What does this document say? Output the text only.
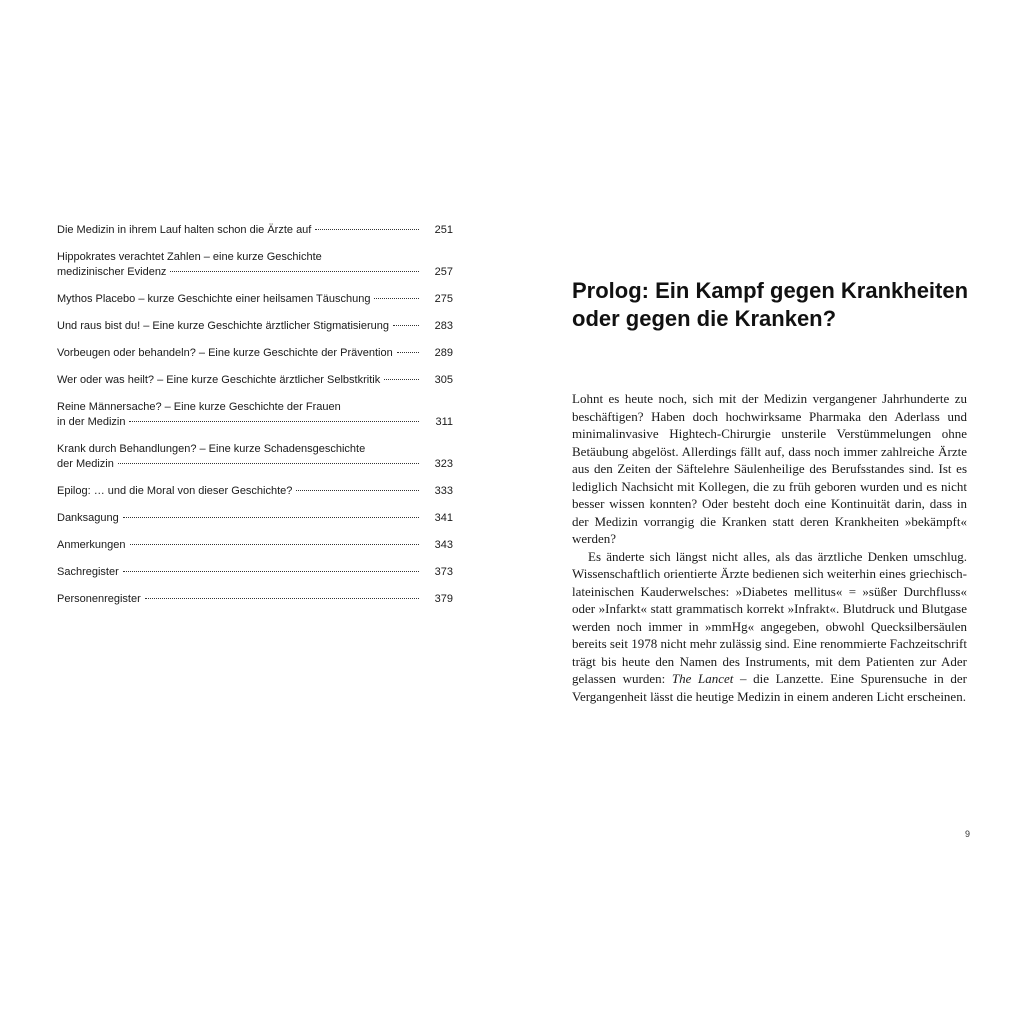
Die Medizin in ihrem Lauf halten schon die Ärzte auf	251
Hippokrates verachtet Zahlen – eine kurze Geschichte
medizinischer Evidenz	257
Mythos Placebo – kurze Geschichte einer heilsamen Täuschung	275
Und raus bist du! – Eine kurze Geschichte ärztlicher Stigmatisierung	283
Vorbeugen oder behandeln? – Eine kurze Geschichte der Prävention	289
Wer oder was heilt? – Eine kurze Geschichte ärztlicher Selbstkritik	305
Reine Männersache? – Eine kurze Geschichte der Frauen
in der Medizin	311
Krank durch Behandlungen? – Eine kurze Schadensgeschichte
der Medizin	323
Epilog: … und die Moral von dieser Geschichte?	333
Danksagung	341
Anmerkungen	343
Sachregister	373
Personenregister	379
Prolog: Ein Kampf gegen Krankheiten oder gegen die Kranken?

Lohnt es heute noch, sich mit der Medizin vergangener Jahrhunderte zu beschäftigen? Haben doch hochwirksame Pharmaka den Aderlass und minimalinvasive Hightech-Chirurgie unsterile Verstümmelungen ohne Betäubung abgelöst. Allerdings fällt auf, dass noch immer zahlreiche Ärzte aus den Zeiten der Säftelehre Säulenheilige des Berufsstandes sind. Ist es lediglich Nachsicht mit Kollegen, die zu früh geboren wurden und es nicht besser wissen konnten? Oder besteht doch eine Kontinuität darin, dass in der Medizin vorrangig die Kranken statt deren Krankheiten »bekämpft« werden?

Es änderte sich längst nicht alles, als das ärztliche Denken umschlug. Wissenschaftlich orientierte Ärzte bedienen sich weiterhin eines griechisch-lateinischen Kauderwelsches: »Diabetes mellitus« = »süßer Durchfluss« oder »Infarkt« statt grammatisch korrekt »Infrakt«. Blutdruck und Blutgase werden noch immer in »mmHg« angegeben, obwohl Quecksilbersäulen bereits seit 1978 nicht mehr zulässig sind. Eine renommierte Fachzeitschrift trägt bis heute den Namen des Instruments, mit dem Patienten zur Ader gelassen wurden: The Lancet – die Lanzette. Eine Spurensuche in der Vergangenheit lässt die heutige Medizin in einem anderen Licht erscheinen.

9
